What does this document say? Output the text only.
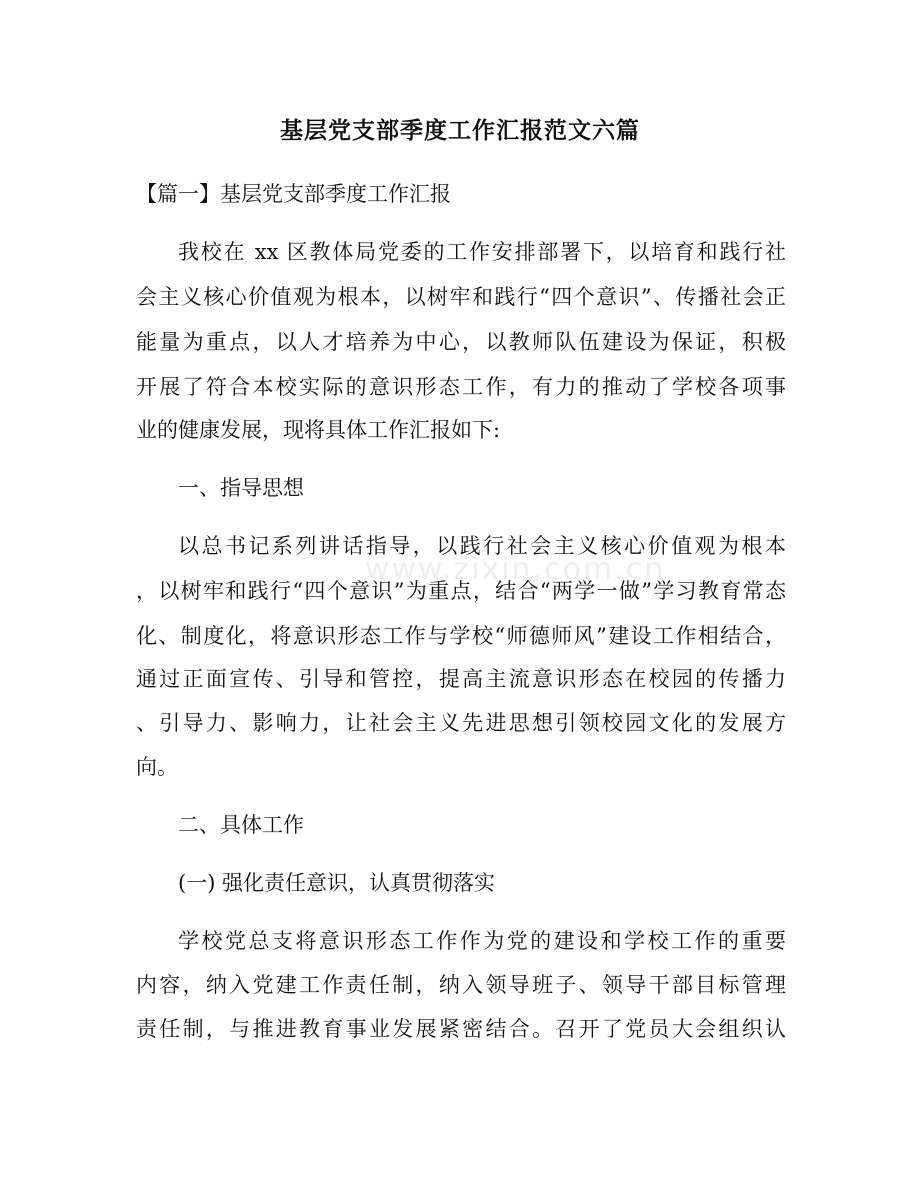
基层党支部季度工作汇报范文六篇
www.zixin.com.cn

【篇一】基层党支部季度工作汇报

我校在 xx 区教体局党委的工作安排部署下，以培育和践行社

会主义核心价值观为根本，以树牢和践行“四个意识”、传播社会正

能量为重点，以人才培养为中心，以教师队伍建设为保证，积极

开展了符合本校实际的意识形态工作，有力的推动了学校各项事

业的健康发展，现将具体工作汇报如下:

一、指导思想

以总书记系列讲话指导，以践行社会主义核心价值观为根本

，以树牢和践行“四个意识”为重点，结合“两学一做”学习教育常态

化、制度化，将意识形态工作与学校“师德师风”建设工作相结合，

通过正面宣传、引导和管控，提高主流意识形态在校园的传播力

、引导力、影响力，让社会主义先进思想引领校园文化的发展方

向。

二、具体工作

(一) 强化责任意识，认真贯彻落实

学校党总支将意识形态工作作为党的建设和学校工作的重要

内容，纳入党建工作责任制，纳入领导班子、领导干部目标管理

责任制，与推进教育事业发展紧密结合。召开了党员大会组织认
